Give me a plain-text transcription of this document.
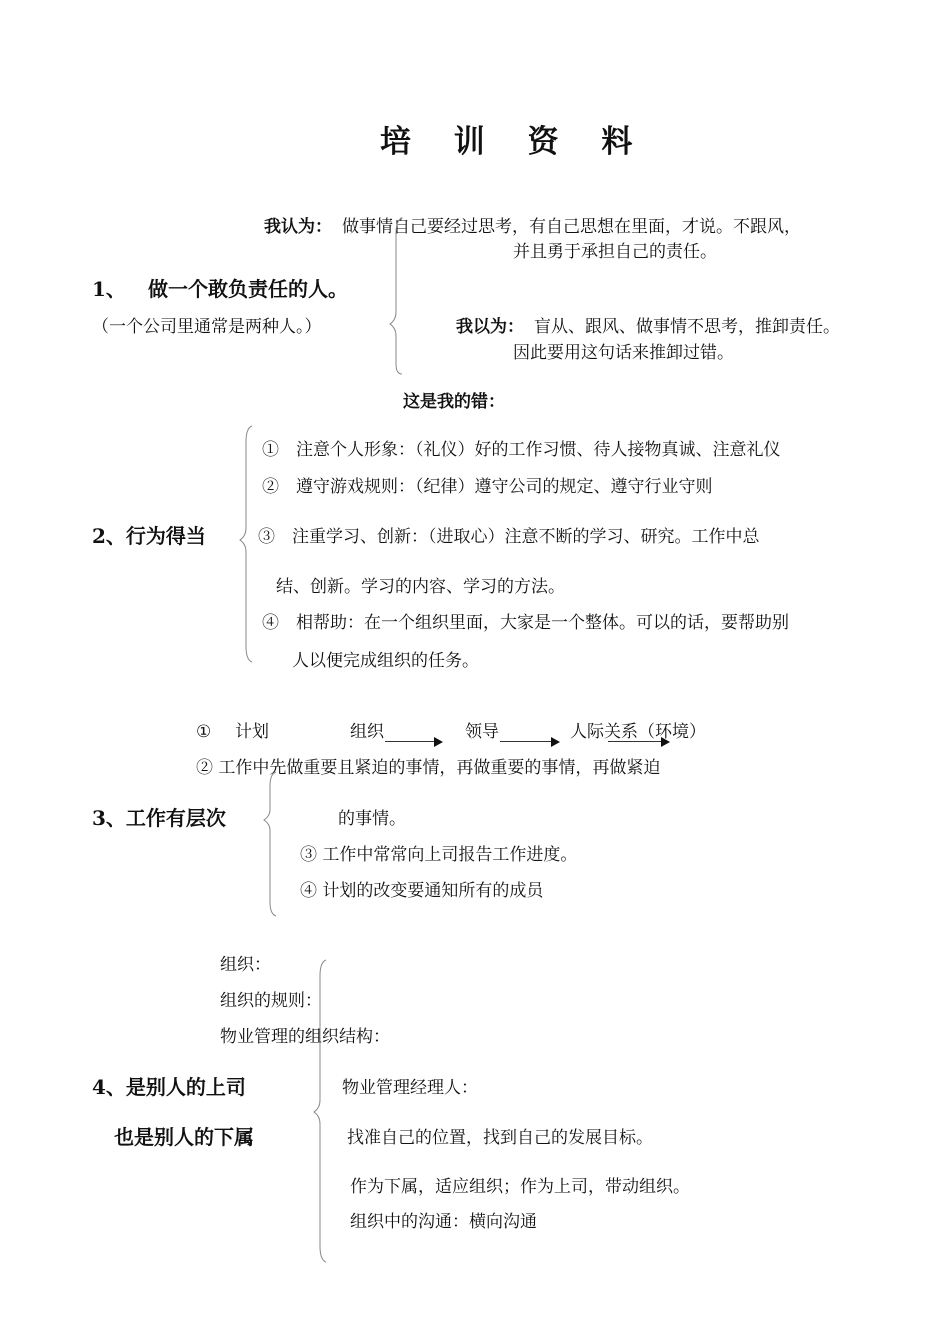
培 训 资 料
我认为： 做事情自己要经过思考，有自己思想在里面，才说。不跟风，
并且勇于承担自己的责任。
1、 做一个敢负责任的人。
（一个公司里通常是两种人。）	我以为： 盲从、跟风、做事情不思考，推卸责任。
因此要用这句话来推卸过错。
这是我的错：
2、行为得当
①　注意个人形象：（礼仪）好的工作习惯、待人接物真诚、注意礼仪
②　遵守游戏规则：（纪律）遵守公司的规定、遵守行业守则
③　注重学习、创新：（进取心）注意不断的学习、研究。工作中总
结、创新。学习的内容、学习的方法。
④　相帮助：在一个组织里面，大家是一个整体。可以的话，要帮助别
人以便完成组织的任务。
① 计划	组织	领导	人际关系（环境）
② 工作中先做重要且紧迫的事情，再做重要的事情，再做紧迫
3、工作有层次	的事情。
③ 工作中常常向上司报告工作进度。
④ 计划的改变要通知所有的成员
组织：
组织的规则：
物业管理的组织结构：
4、是别人的上司	物业管理经理人：
也是别人的下属	找准自己的位置，找到自己的发展目标。
作为下属，适应组织；作为上司，带动组织。
组织中的沟通：横向沟通
